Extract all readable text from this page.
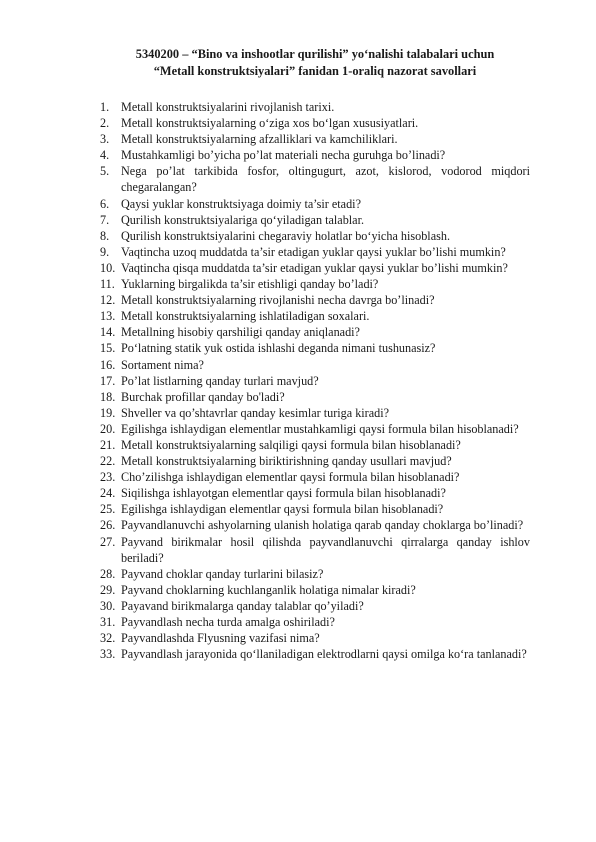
5340200 – “Bino va inshootlar qurilishi” yo‘nalishi talabalari uchun
“Metall konstruktsiyalari” fanidan 1-oraliq nazorat savollari
1. Metall konstruktsiyalarini rivojlanish tarixi.
2. Metall konstruktsiyalarning o‘ziga xos bo‘lgan xususiyatlari.
3. Metall konstruktsiyalarning afzalliklari va kamchiliklari.
4. Mustahkamligi bo’yicha po’lat materiali necha guruhga bo’linadi?
5. Nega po’lat tarkibida fosfor, oltingugurt, azot, kislorod, vodorod miqdori chegaralangan?
6. Qaysi yuklar konstruktsiyaga doimiy ta’sir etadi?
7. Qurilish konstruktsiyalariga qo‘yiladigan talablar.
8. Qurilish konstruktsiyalarini chegaraviy holatlar bo‘yicha hisoblash.
9. Vaqtincha uzoq muddatda ta’sir etadigan yuklar qaysi yuklar bo’lishi mumkin?
10. Vaqtincha qisqa muddatda ta’sir etadigan yuklar qaysi yuklar bo’lishi mumkin?
11. Yuklarning birgalikda ta’sir etishligi qanday bo’ladi?
12. Metall konstruktsiyalarning rivojlanishi necha davrga bo’linadi?
13. Metall konstruktsiyalarning ishlatiladigan soxalari.
14. Metallning hisobiy qarshiligi qanday aniqlanadi?
15. Po‘latning statik yuk ostida ishlashi deganda nimani tushunasiz?
16. Sortament nima?
17. Po’lat listlarning qanday turlari mavjud?
18. Burchak profillar qanday bo'ladi?
19. Shveller va qo’shtavrlar qanday kesimlar turiga kiradi?
20. Egilishga ishlaydigan elementlar mustahkamligi qaysi formula bilan hisoblanadi?
21. Metall konstruktsiyalarning salqiligi qaysi formula bilan hisoblanadi?
22. Metall konstruktsiyalarning biriktirishning qanday usullari mavjud?
23. Cho’zilishga ishlaydigan elementlar qaysi formula bilan hisoblanadi?
24. Siqilishga ishlayotgan elementlar qaysi formula bilan hisoblanadi?
25. Egilishga ishlaydigan elementlar qaysi formula bilan hisoblanadi?
26. Payvandlanuvchi ashyolarning ulanish holatiga qarab qanday choklarga bo’linadi?
27. Payvand birikmalar hosil qilishda payvandlanuvchi qirralarga qanday ishlov beriladi?
28. Payvand choklar qanday turlarini bilasiz?
29. Payvand choklarning kuchlanganlik holatiga nimalar kiradi?
30. Payavand birikmalarga qanday talablar qo’yiladi?
31. Payvandlash necha turda amalga oshiriladi?
32. Payvandlashda Flyusning vazifasi nima?
33. Payvandlash jarayonida qo‘llaniladigan elektrodlarni qaysi omilga ko‘ra tanlanadi?
